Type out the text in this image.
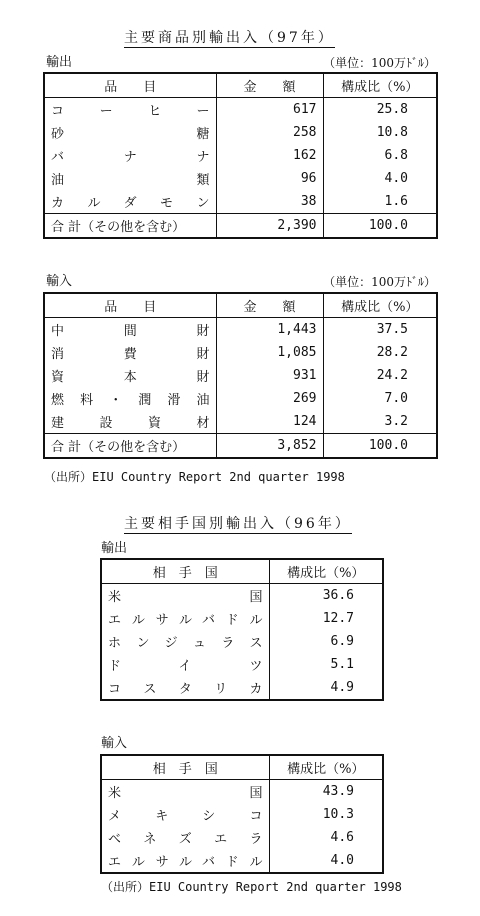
主要商品別輸出入（97年）
輸出	（単位：100万ﾄﾞﾙ）
品　　目	金　　額	構成比（%）
コーヒー	617	25.8
砂糖	258	10.8
バナナ	162	6.8
油類	96	4.0
カルダモン	38	1.6
合 計（その他を含む）	2,390	100.0
輸入	（単位：100万ﾄﾞﾙ）
品　　目	金　　額	構成比（%）
中間財	1,443	37.5
消費財	1,085	28.2
資本財	931	24.2
燃料・潤滑油	269	7.0
建設資材	124	3.2
合 計（その他を含む）	3,852	100.0
（出所）EIU Country Report 2nd quarter 1998
主要相手国別輸出入（96年）
輸出
相　手　国	構成比（%）
米国	36.6
エルサルバドル	12.7
ホンジュラス	6.9
ドイツ	5.1
コスタリカ	4.9
輸入
相　手　国	構成比（%）
米国	43.9
メキシコ	10.3
ベネズエラ	4.6
エルサルバドル	4.0
（出所）EIU Country Report 2nd quarter 1998
